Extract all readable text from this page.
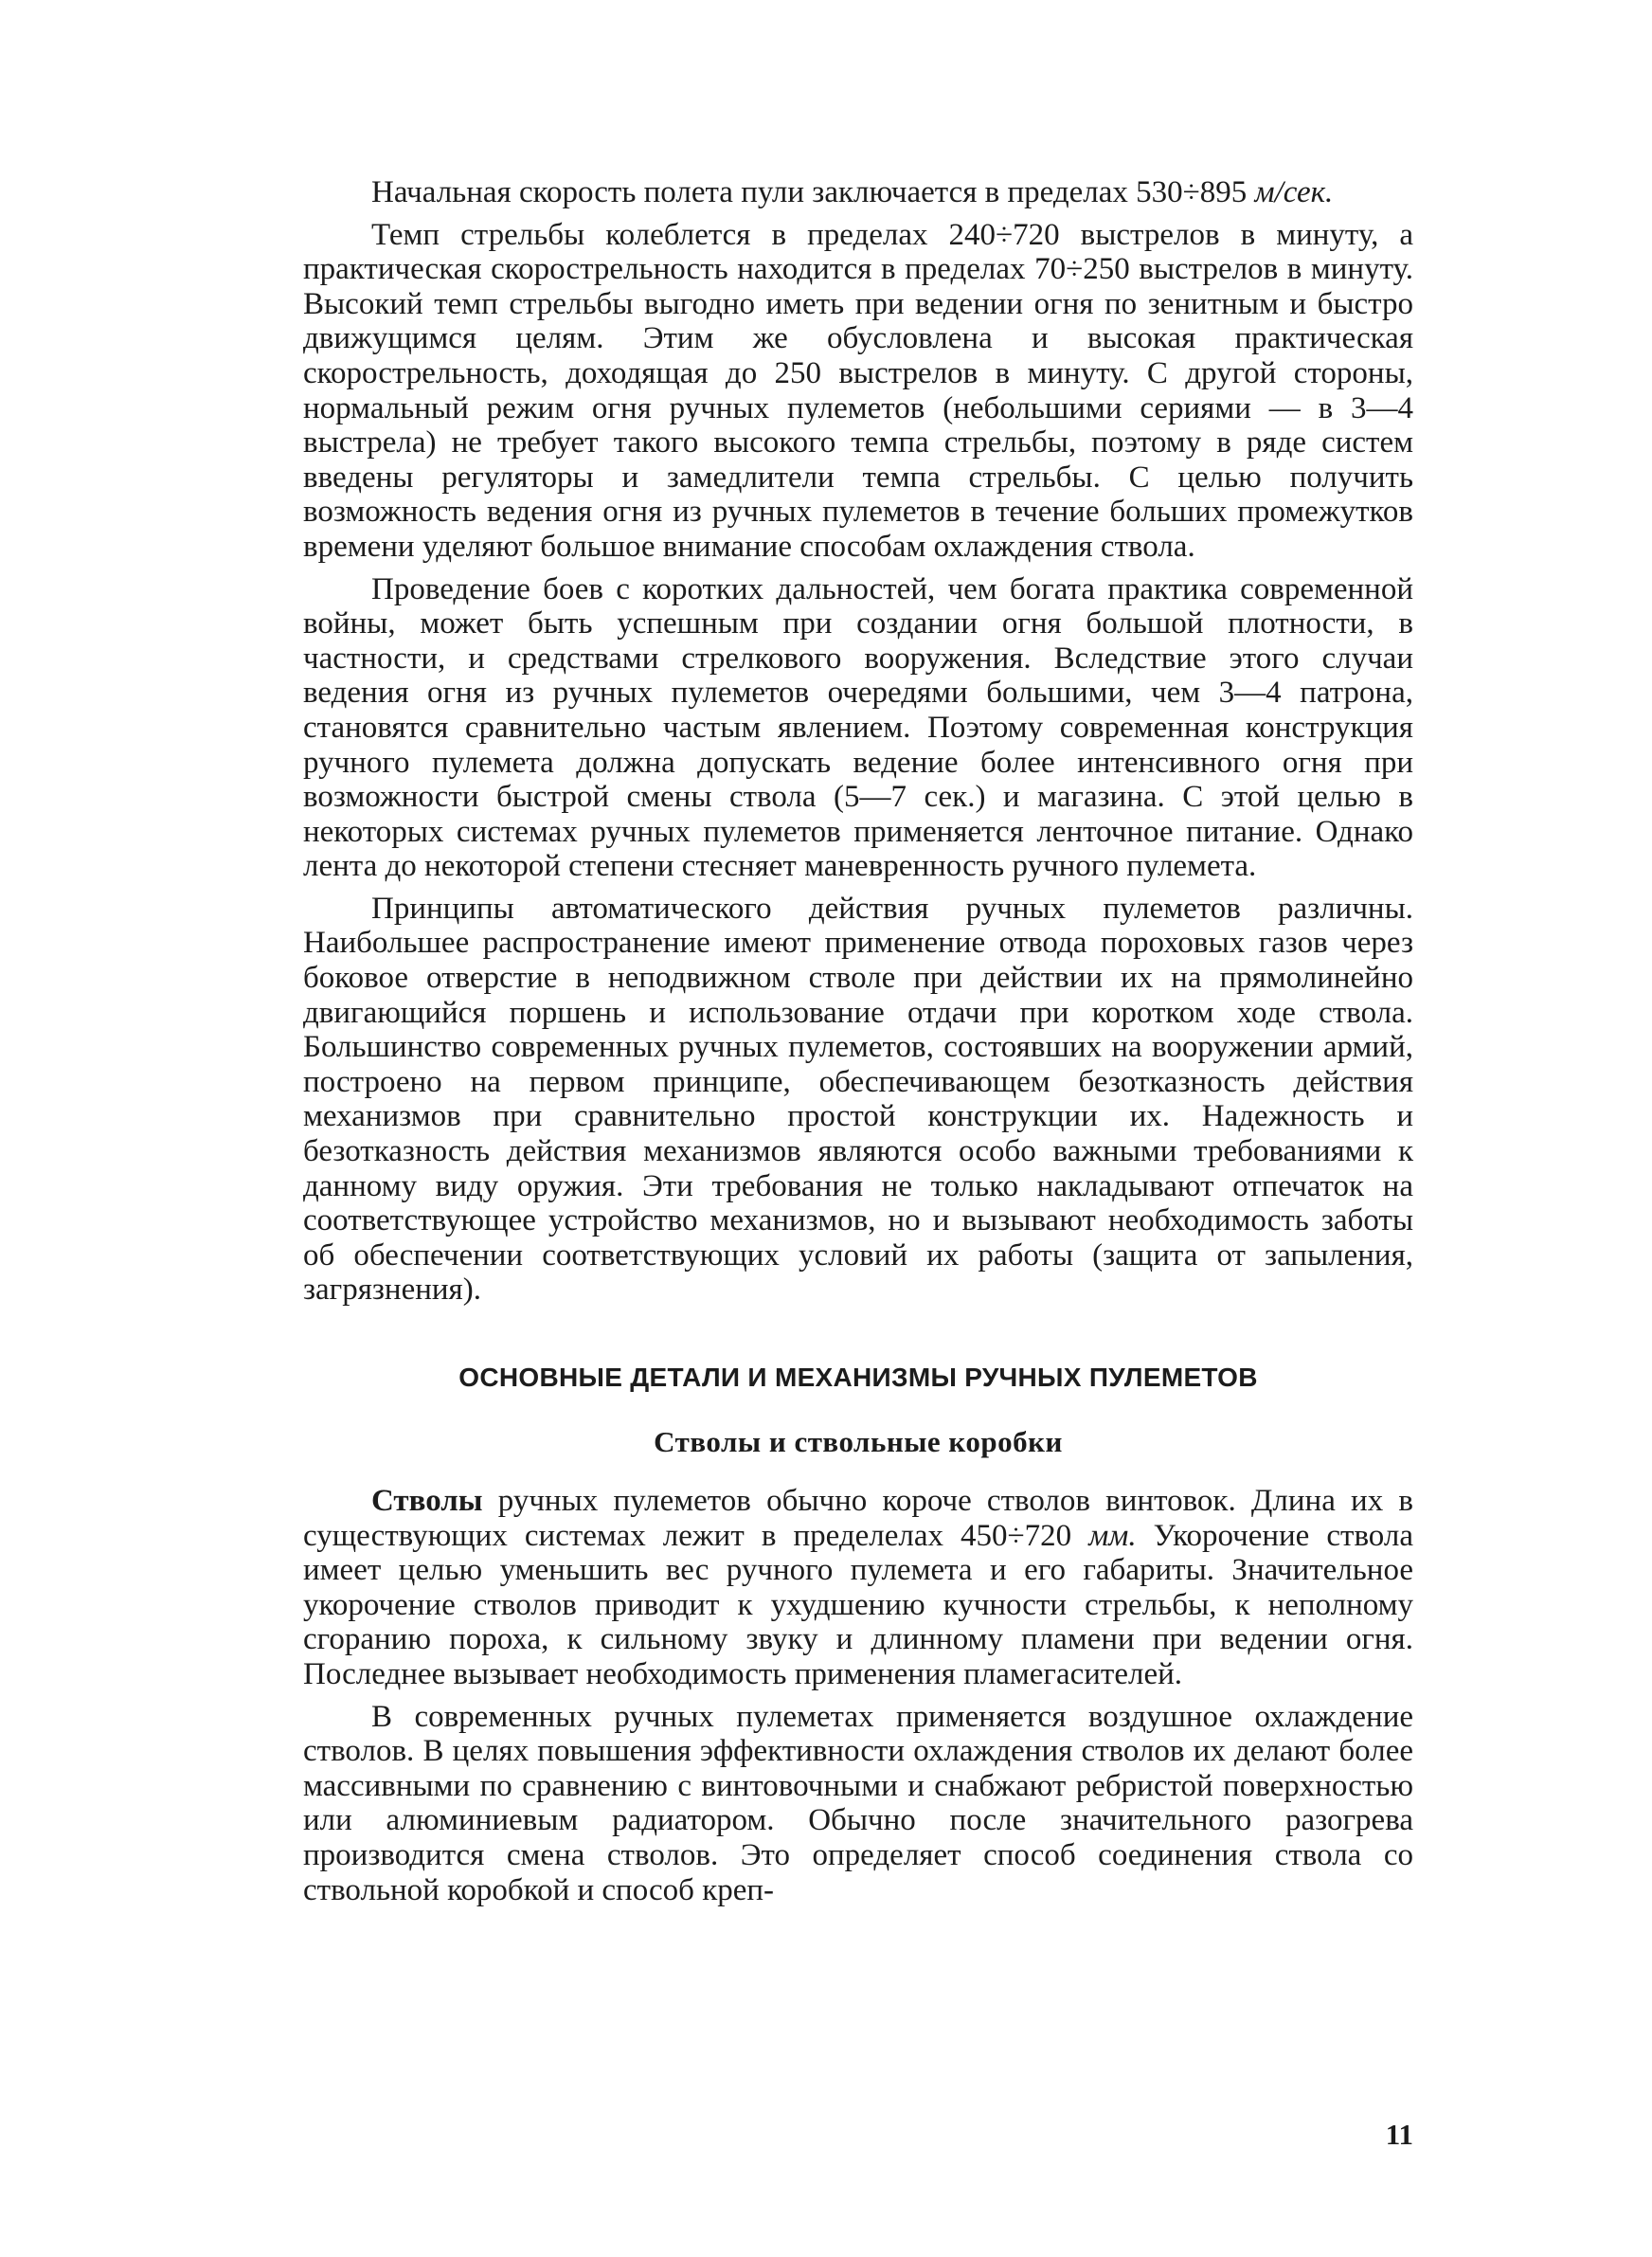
Начальная скорость полета пули заключается в пределах 530÷895 м/сек.

Темп стрельбы колеблется в пределах 240÷720 выстрелов в минуту, а практическая скорострельность находится в пределах 70÷250 выстрелов в минуту. Высокий темп стрельбы выгодно иметь при ведении огня по зенитным и быстро движущимся целям. Этим же обусловлена и высокая практическая скорострельность, доходящая до 250 выстрелов в минуту. С другой стороны, нормальный режим огня ручных пулеметов (небольшими сериями — в 3—4 выстрела) не требует такого высокого темпа стрельбы, поэтому в ряде систем введены регуляторы и замедлители темпа стрельбы. С целью получить возможность ведения огня из ручных пулеметов в течение больших промежутков времени уделяют большое внимание способам охлаждения ствола.

Проведение боев с коротких дальностей, чем богата практика современной войны, может быть успешным при создании огня большой плотности, в частности, и средствами стрелкового вооружения. Вследствие этого случаи ведения огня из ручных пулеметов очередями большими, чем 3—4 патрона, становятся сравнительно частым явлением. Поэтому современная конструкция ручного пулемета должна допускать ведение более интенсивного огня при возможности быстрой смены ствола (5—7 сек.) и магазина. С этой целью в некоторых системах ручных пулеметов применяется ленточное питание. Однако лента до некоторой степени стесняет маневренность ручного пулемета.

Принципы автоматического действия ручных пулеметов различны. Наибольшее распространение имеют применение отвода пороховых газов через боковое отверстие в неподвижном стволе при действии их на прямолинейно двигающийся поршень и использование отдачи при коротком ходе ствола. Большинство современных ручных пулеметов, состоявших на вооружении армий, построено на первом принципе, обеспечивающем безотказность действия механизмов при сравнительно простой конструкции их. Надежность и безотказность действия механизмов являются особо важными требованиями к данному виду оружия. Эти требования не только накладывают отпечаток на соответствующее устройство механизмов, но и вызывают необходимость заботы об обеспечении соответствующих условий их работы (защита от запыления, загрязнения).

ОСНОВНЫЕ ДЕТАЛИ И МЕХАНИЗМЫ РУЧНЫХ ПУЛЕМЕТОВ
Стволы и ствольные коробки

Стволы ручных пулеметов обычно короче стволов винтовок. Длина их в существующих системах лежит в пределелах 450÷720 мм. Укорочение ствола имеет целью уменьшить вес ручного пулемета и его габариты. Значительное укорочение стволов приводит к ухудшению кучности стрельбы, к неполному сгоранию пороха, к сильному звуку и длинному пламени при ведении огня. Последнее вызывает необходимость применения пламегасителей.

В современных ручных пулеметах применяется воздушное охлаждение стволов. В целях повышения эффективности охлаждения стволов их делают более массивными по сравнению с винтовочными и снабжают ребристой поверхностью или алюминиевым радиатором. Обычно после значительного разогрева производится смена стволов. Это определяет способ соединения ствола со ствольной коробкой и способ креп-

11
